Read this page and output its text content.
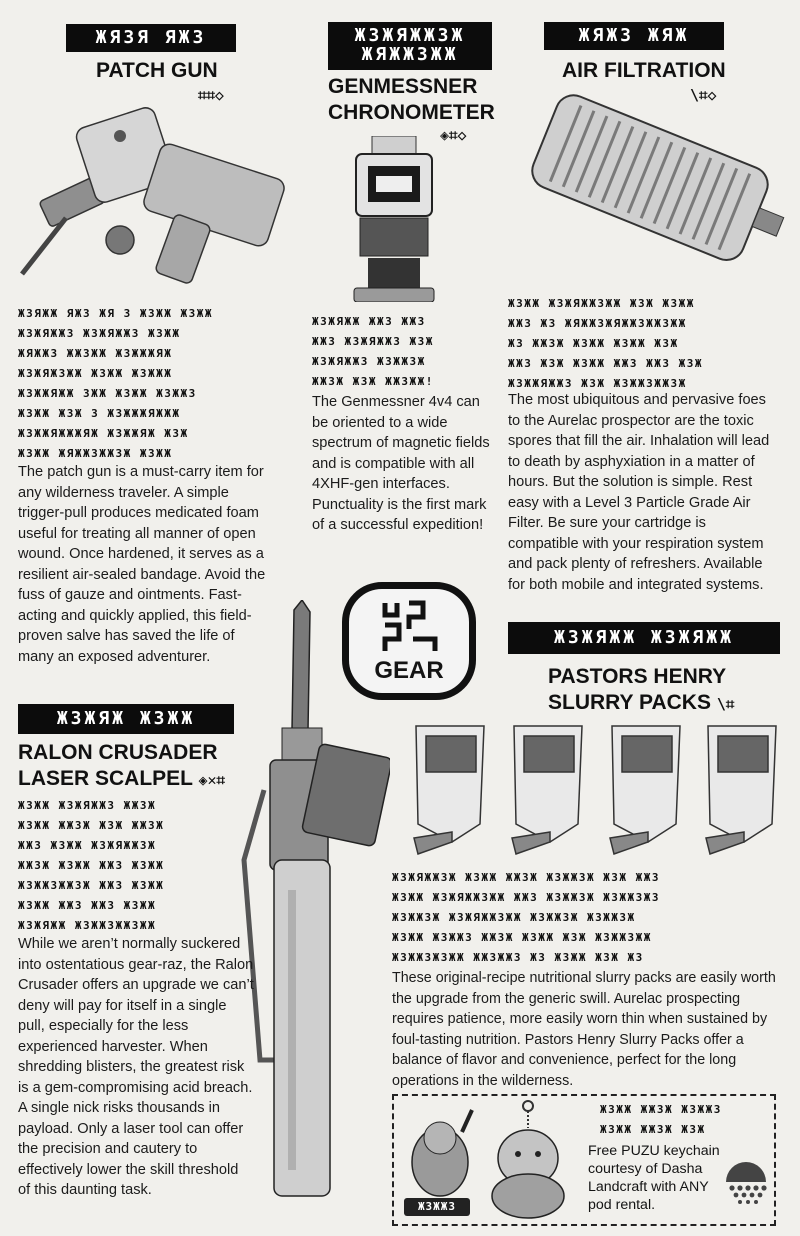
ЖЯЗЯ ЯЖЗ
PATCH GUN
⌗⌗◇
ЖЗЯЖЖ ЯЖЗ ЖЯ З ЖЗЖЖ ЖЗЖЖ
ЖЗЖЯЖЖЗ ЖЗЖЯЖЖЗ ЖЗЖЖ
ЖЯЖЖЗ ЖЖЗЖЖ ЖЗЖЖЖЯЖ
ЖЗЖЯЖЗЖЖ ЖЗЖЖ ЖЗЖЖЖ
ЖЗЖЖЯЖЖ ЗЖЖ ЖЗЖЖ ЖЗЖЖЗ
ЖЗЖЖ ЖЗЖ З ЖЗЖЖЖЯЖЖЖ
ЖЗЖЖЯЖЖЖЯЖ ЖЗЖЖЯЖ ЖЗЖ
ЖЗЖЖ ЖЯЖЖЗЖЖЗЖ ЖЗЖЖ
The patch gun is a must-carry item for any wilderness traveler. A simple trigger-pull produces medicated foam useful for treating all manner of open wound. Once hardened, it serves as a resilient air-sealed bandage. Avoid the fuss of gauze and ointments. Fast-acting and quickly applied, this field-proven salve has saved the life of many an exposed adventurer.
ЖЗЖЯЖЖЗЖ
ЖЯЖЖЗЖЖ
GENMESSNER
CHRONOMETER
◈⌗◇
ЖЗЖЯЖЖ ЖЖЗ ЖЖЗ
ЖЖЗ ЖЗЖЯЖЖЗ ЖЗЖ
ЖЗЖЯЖЖЗ ЖЗЖЖЗЖ
ЖЖЗЖ ЖЗЖ ЖЖЗЖЖ!
The Genmessner 4v4 can be oriented to a wide spectrum of magnetic fields and is compatible with all 4XHF-gen interfaces. Punctuality is the first mark of a successful expedition!
ЖЯЖЗ ЖЯЖ
AIR FILTRATION
\⌗◇
ЖЗЖЖ ЖЗЖЯЖЖЗЖЖ ЖЗЖ ЖЗЖЖ
ЖЖЗ ЖЗ ЖЯЖЖЗЖЯЖЖЗЖЖЗЖЖ
ЖЗ ЖЖЗЖ ЖЗЖЖ ЖЗЖЖ ЖЗЖ
ЖЖЗ ЖЗЖ ЖЗЖЖ ЖЖЗ ЖЖЗ ЖЗЖ
ЖЗЖЖЯЖЖЗ ЖЗЖ ЖЗЖЖЗЖЖЗЖ
The most ubiquitous and pervasive foes to the Aurelac prospector are the toxic spores that fill the air. Inhalation will lead to death by asphyxiation in a matter of hours. But the solution is simple. Rest easy with a Level 3 Particle Grade Air Filter. Be sure your cartridge is compatible with your respiration system and pack plenty of refreshers. Available for both mobile and integrated systems.
GEAR
ЖЗЖЯЖЖ ЖЗЖЯЖЖ
PASTORS HENRY
SLURRY PACKS \⌗
ЖЗЖЯЖЖЗЖ ЖЗЖЖ ЖЖЗЖ ЖЗЖЖЗЖ ЖЗЖ ЖЖЗ
ЖЗЖЖ ЖЗЖЯЖЖЗЖЖ ЖЖЗ ЖЗЖЖЗЖ ЖЗЖЖЗЖЗ
ЖЗЖЖЗЖ ЖЗЖЯЖЖЗЖЖ ЖЗЖЖЗЖ ЖЗЖЖЗЖ
ЖЗЖЖ ЖЗЖЖЗ ЖЖЗЖ ЖЗЖЖ ЖЗЖ ЖЗЖЖЗЖЖ
ЖЗЖЖЗЖЗЖЖ ЖЖЗЖЖЗ ЖЗ ЖЗЖЖ ЖЗЖ ЖЗ
These original-recipe nutritional slurry packs are easily worth the upgrade from the generic swill. Aurelac prospecting requires patience, more easily worn thin when sustained by foul-tasting nutrition. Pastors Henry Slurry Packs offer a balance of flavor and convenience, perfect for the long operations in the wilderness.
ЖЗЖЯЖ ЖЗЖЖ
RALON CRUSADER
LASER SCALPEL ◈✕⌗
ЖЗЖЖ ЖЗЖЯЖЖЗ ЖЖЗЖ
ЖЗЖЖ ЖЖЗЖ ЖЗЖ ЖЖЗЖ
ЖЖЗ ЖЗЖЖ ЖЗЖЯЖЖЗЖ
ЖЖЗЖ ЖЗЖЖ ЖЖЗ ЖЗЖЖ
ЖЗЖЖЗЖЖЗЖ ЖЖЗ ЖЗЖЖ
ЖЗЖЖ ЖЖЗ ЖЖЗ ЖЗЖЖ
ЖЗЖЯЖЖ ЖЗЖЖЗЖЖЗЖЖ
While we aren’t normally suckered into ostentatious gear-raz, the Ralon Crusader offers an upgrade we can’t deny will pay for itself in a single pull, especially for the less experienced harvester. When shredding blisters, the greatest risk is a gem-compromising acid breach. A single nick risks thousands in payload. Only a laser tool can offer the precision and cautery to effectively lower the skill threshold of this daunting task.
ЖЗЖЖ ЖЖЗЖ ЖЗЖЖЗ
ЖЗЖЖ ЖЖЗЖ ЖЗЖ
Free PUZU keychain courtesy of Dasha Landcraft with ANY pod rental.
ЖЗЖЖЗ
